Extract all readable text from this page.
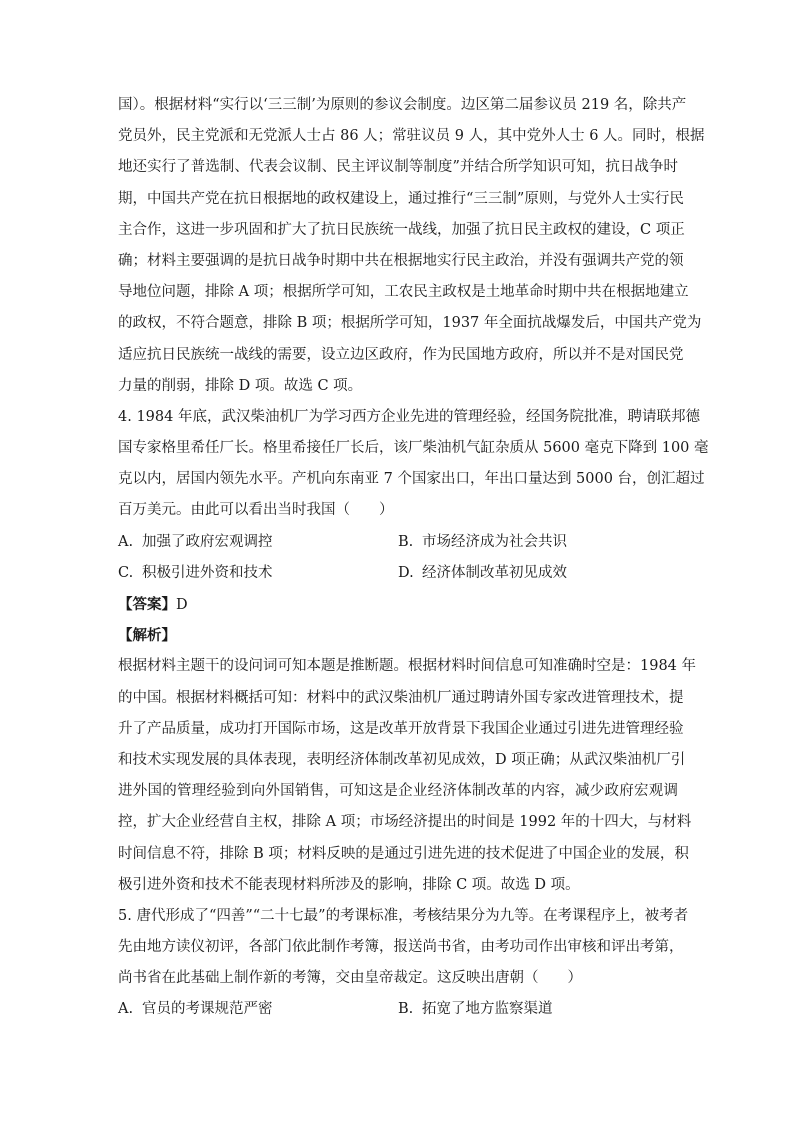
国）。根据材料“实行以‘三三制’为原则的参议会制度。边区第二届参议员 219 名，除共产
党员外，民主党派和无党派人士占 86 人；常驻议员 9 人，其中党外人士 6 人。同时，根据
地还实行了普选制、代表会议制、民主评议制等制度”并结合所学知识可知，抗日战争时
期，中国共产党在抗日根据地的政权建设上，通过推行“三三制”原则，与党外人士实行民
主合作，这进一步巩固和扩大了抗日民族统一战线，加强了抗日民主政权的建设，C 项正
确；材料主要强调的是抗日战争时期中共在根据地实行民主政治，并没有强调共产党的领
导地位问题，排除 A 项；根据所学可知，工农民主政权是土地革命时期中共在根据地建立
的政权，不符合题意，排除 B 项；根据所学可知，1937 年全面抗战爆发后，中国共产党为
适应抗日民族统一战线的需要，设立边区政府，作为民国地方政府，所以并不是对国民党
力量的削弱，排除 D 项。故选 C 项。
4. 1984 年底，武汉柴油机厂为学习西方企业先进的管理经验，经国务院批准，聘请联邦德
国专家格里希任厂长。格里希接任厂长后，该厂柴油机气缸杂质从 5600 毫克下降到 100 毫
克以内，居国内领先水平。产机向东南亚 7 个国家出口，年出口量达到 5000 台，创汇超过
百万美元。由此可以看出当时我国（　　）
A. 加强了政府宏观调控	B. 市场经济成为社会共识
C. 积极引进外资和技术	D. 经济体制改革初见成效
【答案】D
【解析】
根据材料主题干的设问词可知本题是推断题。根据材料时间信息可知准确时空是：1984 年
的中国。根据材料概括可知：材料中的武汉柴油机厂通过聘请外国专家改进管理技术，提
升了产品质量，成功打开国际市场，这是改革开放背景下我国企业通过引进先进管理经验
和技术实现发展的具体表现，表明经济体制改革初见成效，D 项正确；从武汉柴油机厂引
进外国的管理经验到向外国销售，可知这是企业经济体制改革的内容，减少政府宏观调
控，扩大企业经营自主权，排除 A 项；市场经济提出的时间是 1992 年的十四大，与材料
时间信息不符，排除 B 项；材料反映的是通过引进先进的技术促进了中国企业的发展，积
极引进外资和技术不能表现材料所涉及的影响，排除 C 项。故选 D 项。
5. 唐代形成了“四善”“二十七最”的考课标准，考核结果分为九等。在考课程序上，被考者
先由地方读仪初评，各部门依此制作考簿，报送尚书省，由考功司作出审核和评出考第，
尚书省在此基础上制作新的考簿，交由皇帝裁定。这反映出唐朝（　　）
A. 官员的考课规范严密	B. 拓宽了地方监察渠道
